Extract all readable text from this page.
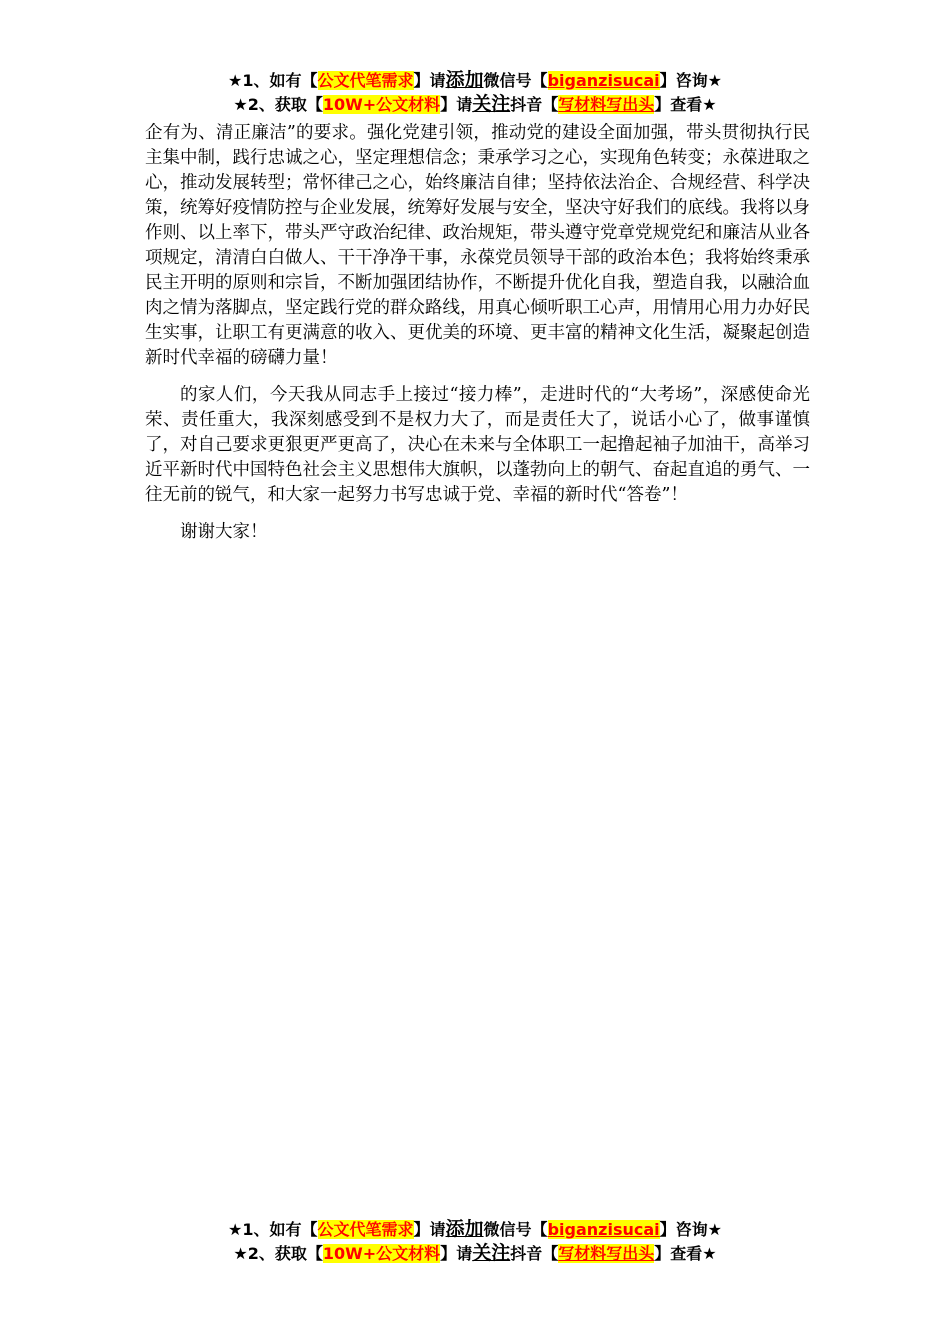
★1、如有【公文代笔需求】请添加微信号【biganzisucai】咨询★
★2、获取【10W+公文材料】请关注抖音【写材料写出头】查看★

企有为、清正廉洁”的要求。强化党建引领，推动党的建设全面加强，带头贯彻执行民主集中制，践行忠诚之心，坚定理想信念；秉承学习之心，实现角色转变；永葆进取之心，推动发展转型；常怀律己之心，始终廉洁自律；坚持依法治企、合规经营、科学决策，统筹好疫情防控与企业发展，统筹好发展与安全，坚决守好我们的底线。我将以身作则、以上率下，带头严守政治纪律、政治规矩，带头遵守党章党规党纪和廉洁从业各项规定，清清白白做人、干干净净干事，永葆党员领导干部的政治本色；我将始终秉承民主开明的原则和宗旨，不断加强团结协作，不断提升优化自我，塑造自我，以融洽血肉之情为落脚点，坚定践行党的群众路线，用真心倾听职工心声，用情用心用力办好民生实事，让职工有更满意的收入、更优美的环境、更丰富的精神文化生活，凝聚起创造新时代幸福的磅礴力量！

的家人们，今天我从同志手上接过“接力棒”，走进时代的“大考场”，深感使命光荣、责任重大，我深刻感受到不是权力大了，而是责任大了，说话小心了，做事谨慎了，对自己要求更狠更严更高了，决心在未来与全体职工一起撸起袖子加油干，高举习近平新时代中国特色社会主义思想伟大旗帜，以蓬勃向上的朝气、奋起直追的勇气、一往无前的锐气，和大家一起努力书写忠诚于党、幸福的新时代“答卷”！

谢谢大家！

★1、如有【公文代笔需求】请添加微信号【biganzisucai】咨询★
★2、获取【10W+公文材料】请关注抖音【写材料写出头】查看★
